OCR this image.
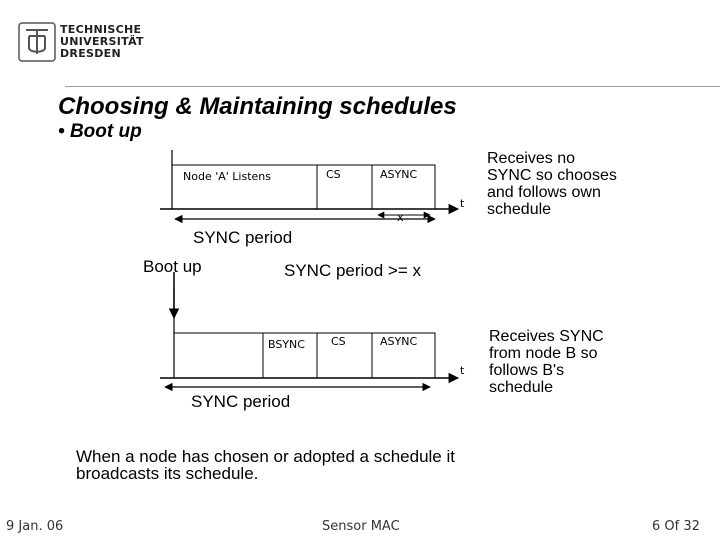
TECHNISCHE
UNIVERSITÄT
DRESDEN
Choosing & Maintaining schedules
• Boot up
Node 'A' Listens	CS	ASYNC
x
t
SYNC period
Receives no
SYNC so chooses
and follows own
schedule
Boot up	SYNC period >= x
BSYNC CS	ASYNC
t
SYNC period
Receives SYNC
from node B so
follows B's
schedule
When a node has chosen or adopted a schedule it
broadcasts its schedule.
9 Jan. 06	Sensor MAC	6 Of 32
